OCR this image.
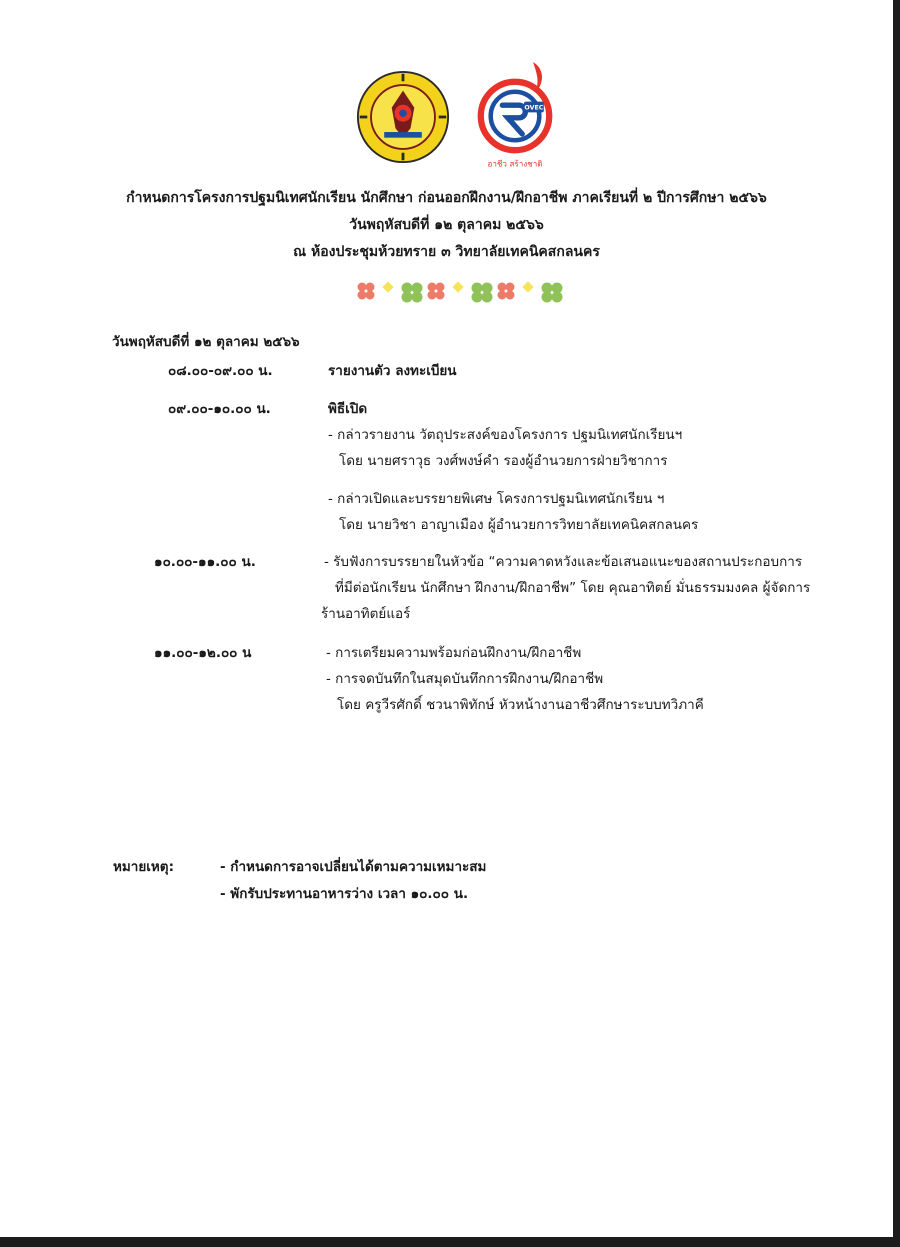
OVEC
อาชีว สร้างชาติ
กำหนดการโครงการปฐมนิเทศนักเรียน นักศึกษา ก่อนออกฝึกงาน/ฝึกอาชีพ ภาคเรียนที่ ๒ ปีการศึกษา ๒๕๖๖
วันพฤหัสบดีที่ ๑๒ ตุลาคม ๒๕๖๖
ณ ห้องประชุมห้วยทราย ๓ วิทยาลัยเทคนิคสกลนคร
วันพฤหัสบดีที่ ๑๒ ตุลาคม ๒๕๖๖
๐๘.๐๐-๐๙.๐๐ น.	รายงานตัว ลงทะเบียน
๐๙.๐๐-๑๐.๐๐ น.	พิธีเปิด
- กล่าวรายงาน วัตถุประสงค์ของโครงการ ปฐมนิเทศนักเรียนฯ
โดย นายศราวุธ วงศ์พงษ์คำ รองผู้อำนวยการฝ่ายวิชาการ
- กล่าวเปิดและบรรยายพิเศษ โครงการปฐมนิเทศนักเรียน ฯ
โดย นายวิชา อาญาเมือง ผู้อำนวยการวิทยาลัยเทคนิคสกลนคร
๑๐.๐๐-๑๑.๐๐ น.	- รับฟังการบรรยายในหัวข้อ “ความคาดหวังและข้อเสนอแนะของสถานประกอบการ
ที่มีต่อนักเรียน นักศึกษา ฝึกงาน/ฝึกอาชีพ” โดย คุณอาทิตย์ มั่นธรรมมงคล ผู้จัดการ
ร้านอาทิตย์แอร์
๑๑.๐๐-๑๒.๐๐ น	- การเตรียมความพร้อมก่อนฝึกงาน/ฝึกอาชีพ
- การจดบันทึกในสมุดบันทึกการฝึกงาน/ฝึกอาชีพ
โดย ครูวีรศักดิ์ ชวนาพิทักษ์ หัวหน้างานอาชีวศึกษาระบบทวิภาคี
หมายเหตุ:	- กำหนดการอาจเปลี่ยนได้ตามความเหมาะสม
- พักรับประทานอาหารว่าง เวลา ๑๐.๐๐ น.
